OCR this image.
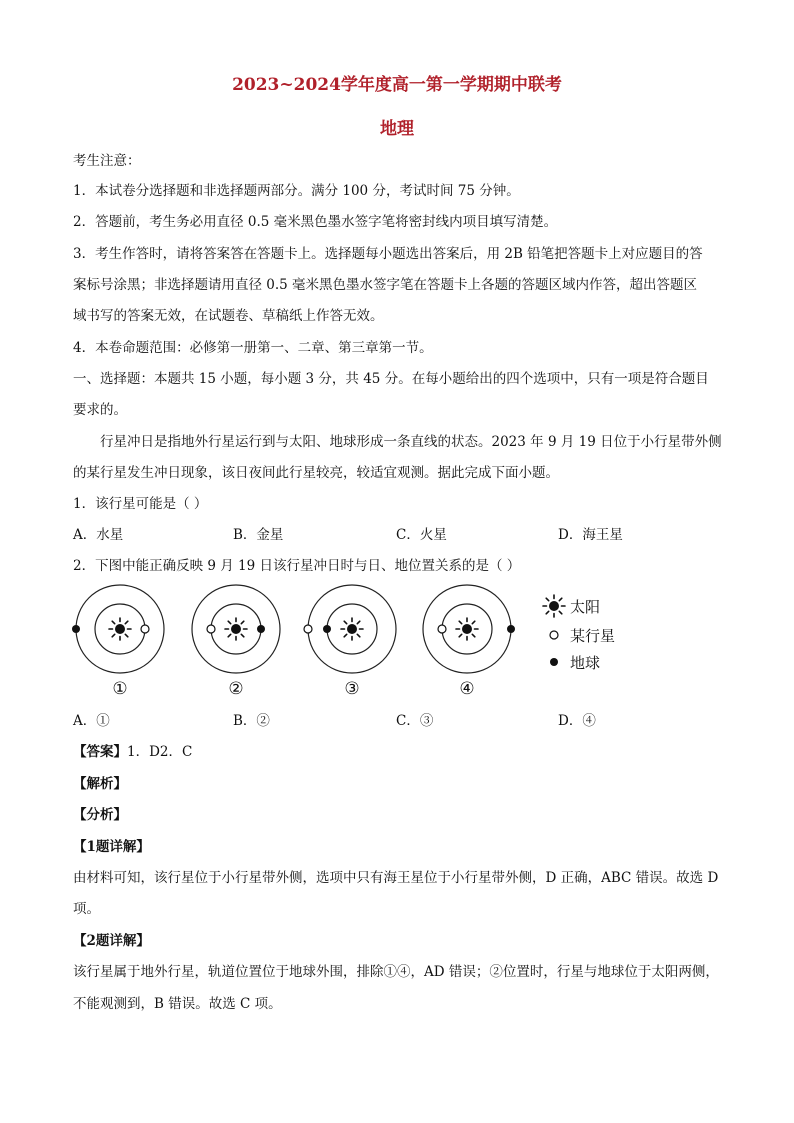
2023~2024学年度高一第一学期期中联考
地理
考生注意：
1．本试卷分选择题和非选择题两部分。满分 100 分，考试时间 75 分钟。
2．答题前，考生务必用直径 0.5 毫米黑色墨水签字笔将密封线内项目填写清楚。
3．考生作答时，请将答案答在答题卡上。选择题每小题选出答案后，用 2B 铅笔把答题卡上对应题目的答
案标号涂黑；非选择题请用直径 0.5 毫米黑色墨水签字笔在答题卡上各题的答题区域内作答，超出答题区
域书写的答案无效，在试题卷、草稿纸上作答无效。
4．本卷命题范围：必修第一册第一、二章、第三章第一节。
一、选择题：本题共 15 小题，每小题 3 分，共 45 分。在每小题给出的四个选项中，只有一项是符合题目
要求的。
行星冲日是指地外行星运行到与太阳、地球形成一条直线的状态。2023 年 9 月 19 日位于小行星带外侧
的某行星发生冲日现象，该日夜间此行星较亮，较适宜观测。据此完成下面小题。
1．该行星可能是（ ）
A．水星	B．金星	C．火星	D．海王星
2．下图中能正确反映 9 月 19 日该行星冲日时与日、地位置关系的是（ ）
①	②	③	④
太阳
某行星
地球
A．①	B．②	C．③	D．④
【答案】1．D2．C
【解析】
【分析】
【1题详解】
由材料可知，该行星位于小行星带外侧，选项中只有海王星位于小行星带外侧，D 正确，ABC 错误。故选 D
项。
【2题详解】
该行星属于地外行星，轨道位置位于地球外围，排除①④，AD 错误；②位置时，行星与地球位于太阳两侧，
不能观测到，B 错误。故选 C 项。
